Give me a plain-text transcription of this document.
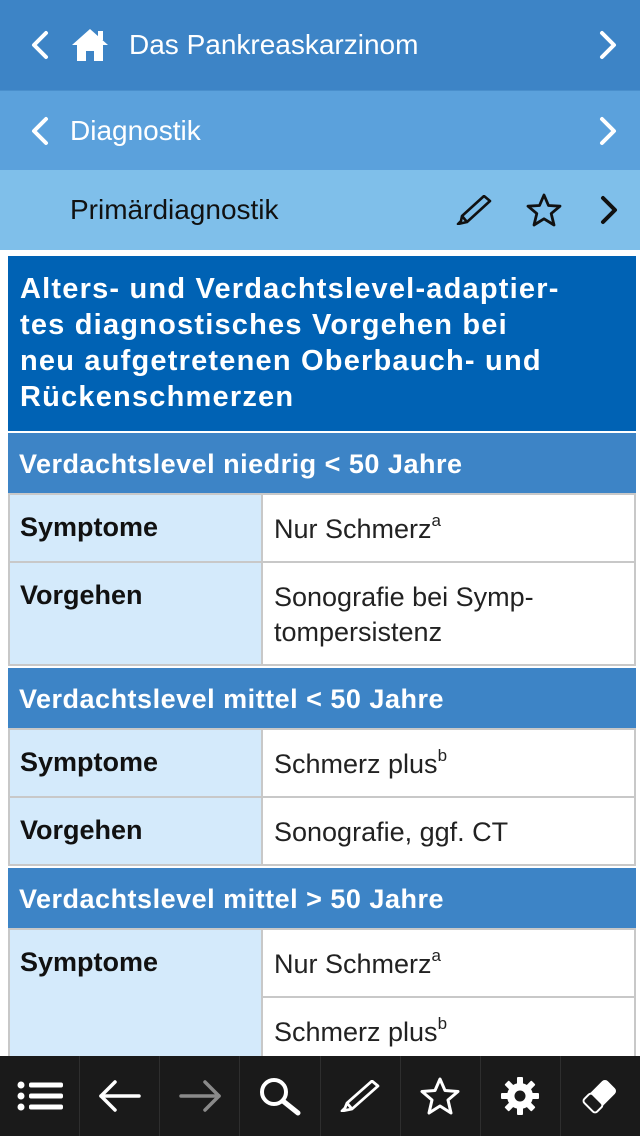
Das Pankreaskarzinom
Diagnostik
Primärdiagnostik
Alters- und Verdachtslevel-adaptier-
tes diagnostisches Vorgehen bei
neu aufgetretenen Oberbauch- und
Rückenschmerzen
Verdachtslevel niedrig < 50 Jahre
Symptome	Nur Schmerz$^a$
Vorgehen	Sonografie bei Symp-
tompersistenz
Verdachtslevel mittel < 50 Jahre
Symptome	Schmerz plus$^b$
Vorgehen	Sonografie, ggf. CT
Verdachtslevel mittel > 50 Jahre
Symptome	Nur Schmerz$^a$
Schmerz plus$^b$
